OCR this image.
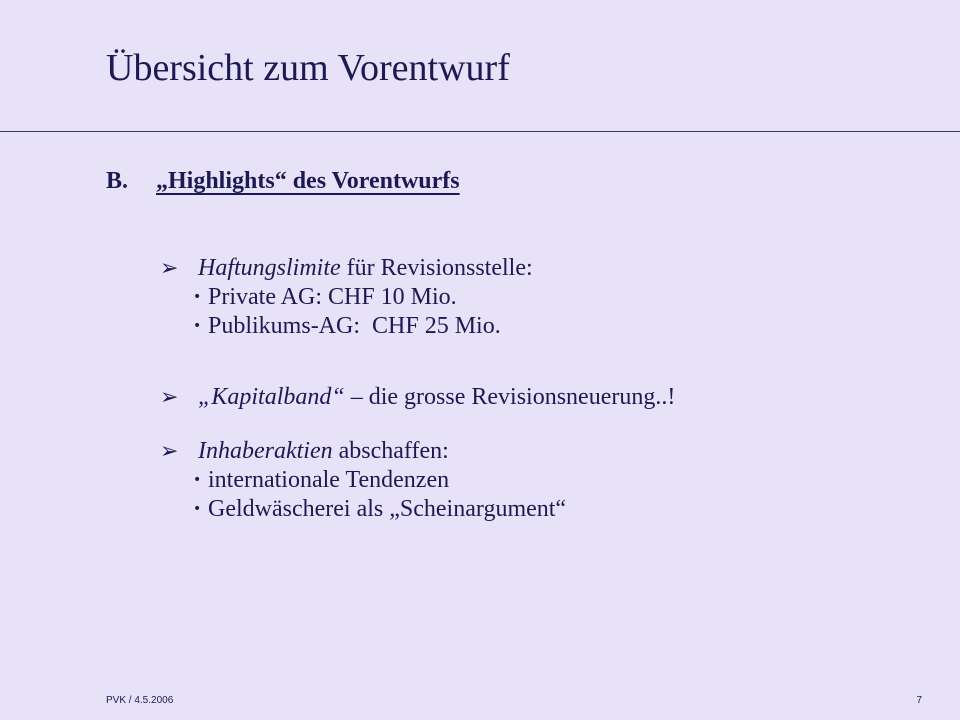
Übersicht zum Vorentwurf
B. „Highlights“ des Vorentwurfs
➢ Haftungslimite für Revisionsstelle:
• Private AG: CHF 10 Mio.
• Publikums-AG:  CHF 25 Mio.
➢ „Kapitalband“ – die grosse Revisionsneuerung..!
➢ Inhaberaktien abschaffen:
• internationale Tendenzen
• Geldwäscherei als „Scheinargument“
PVK / 4.5.2006	7
